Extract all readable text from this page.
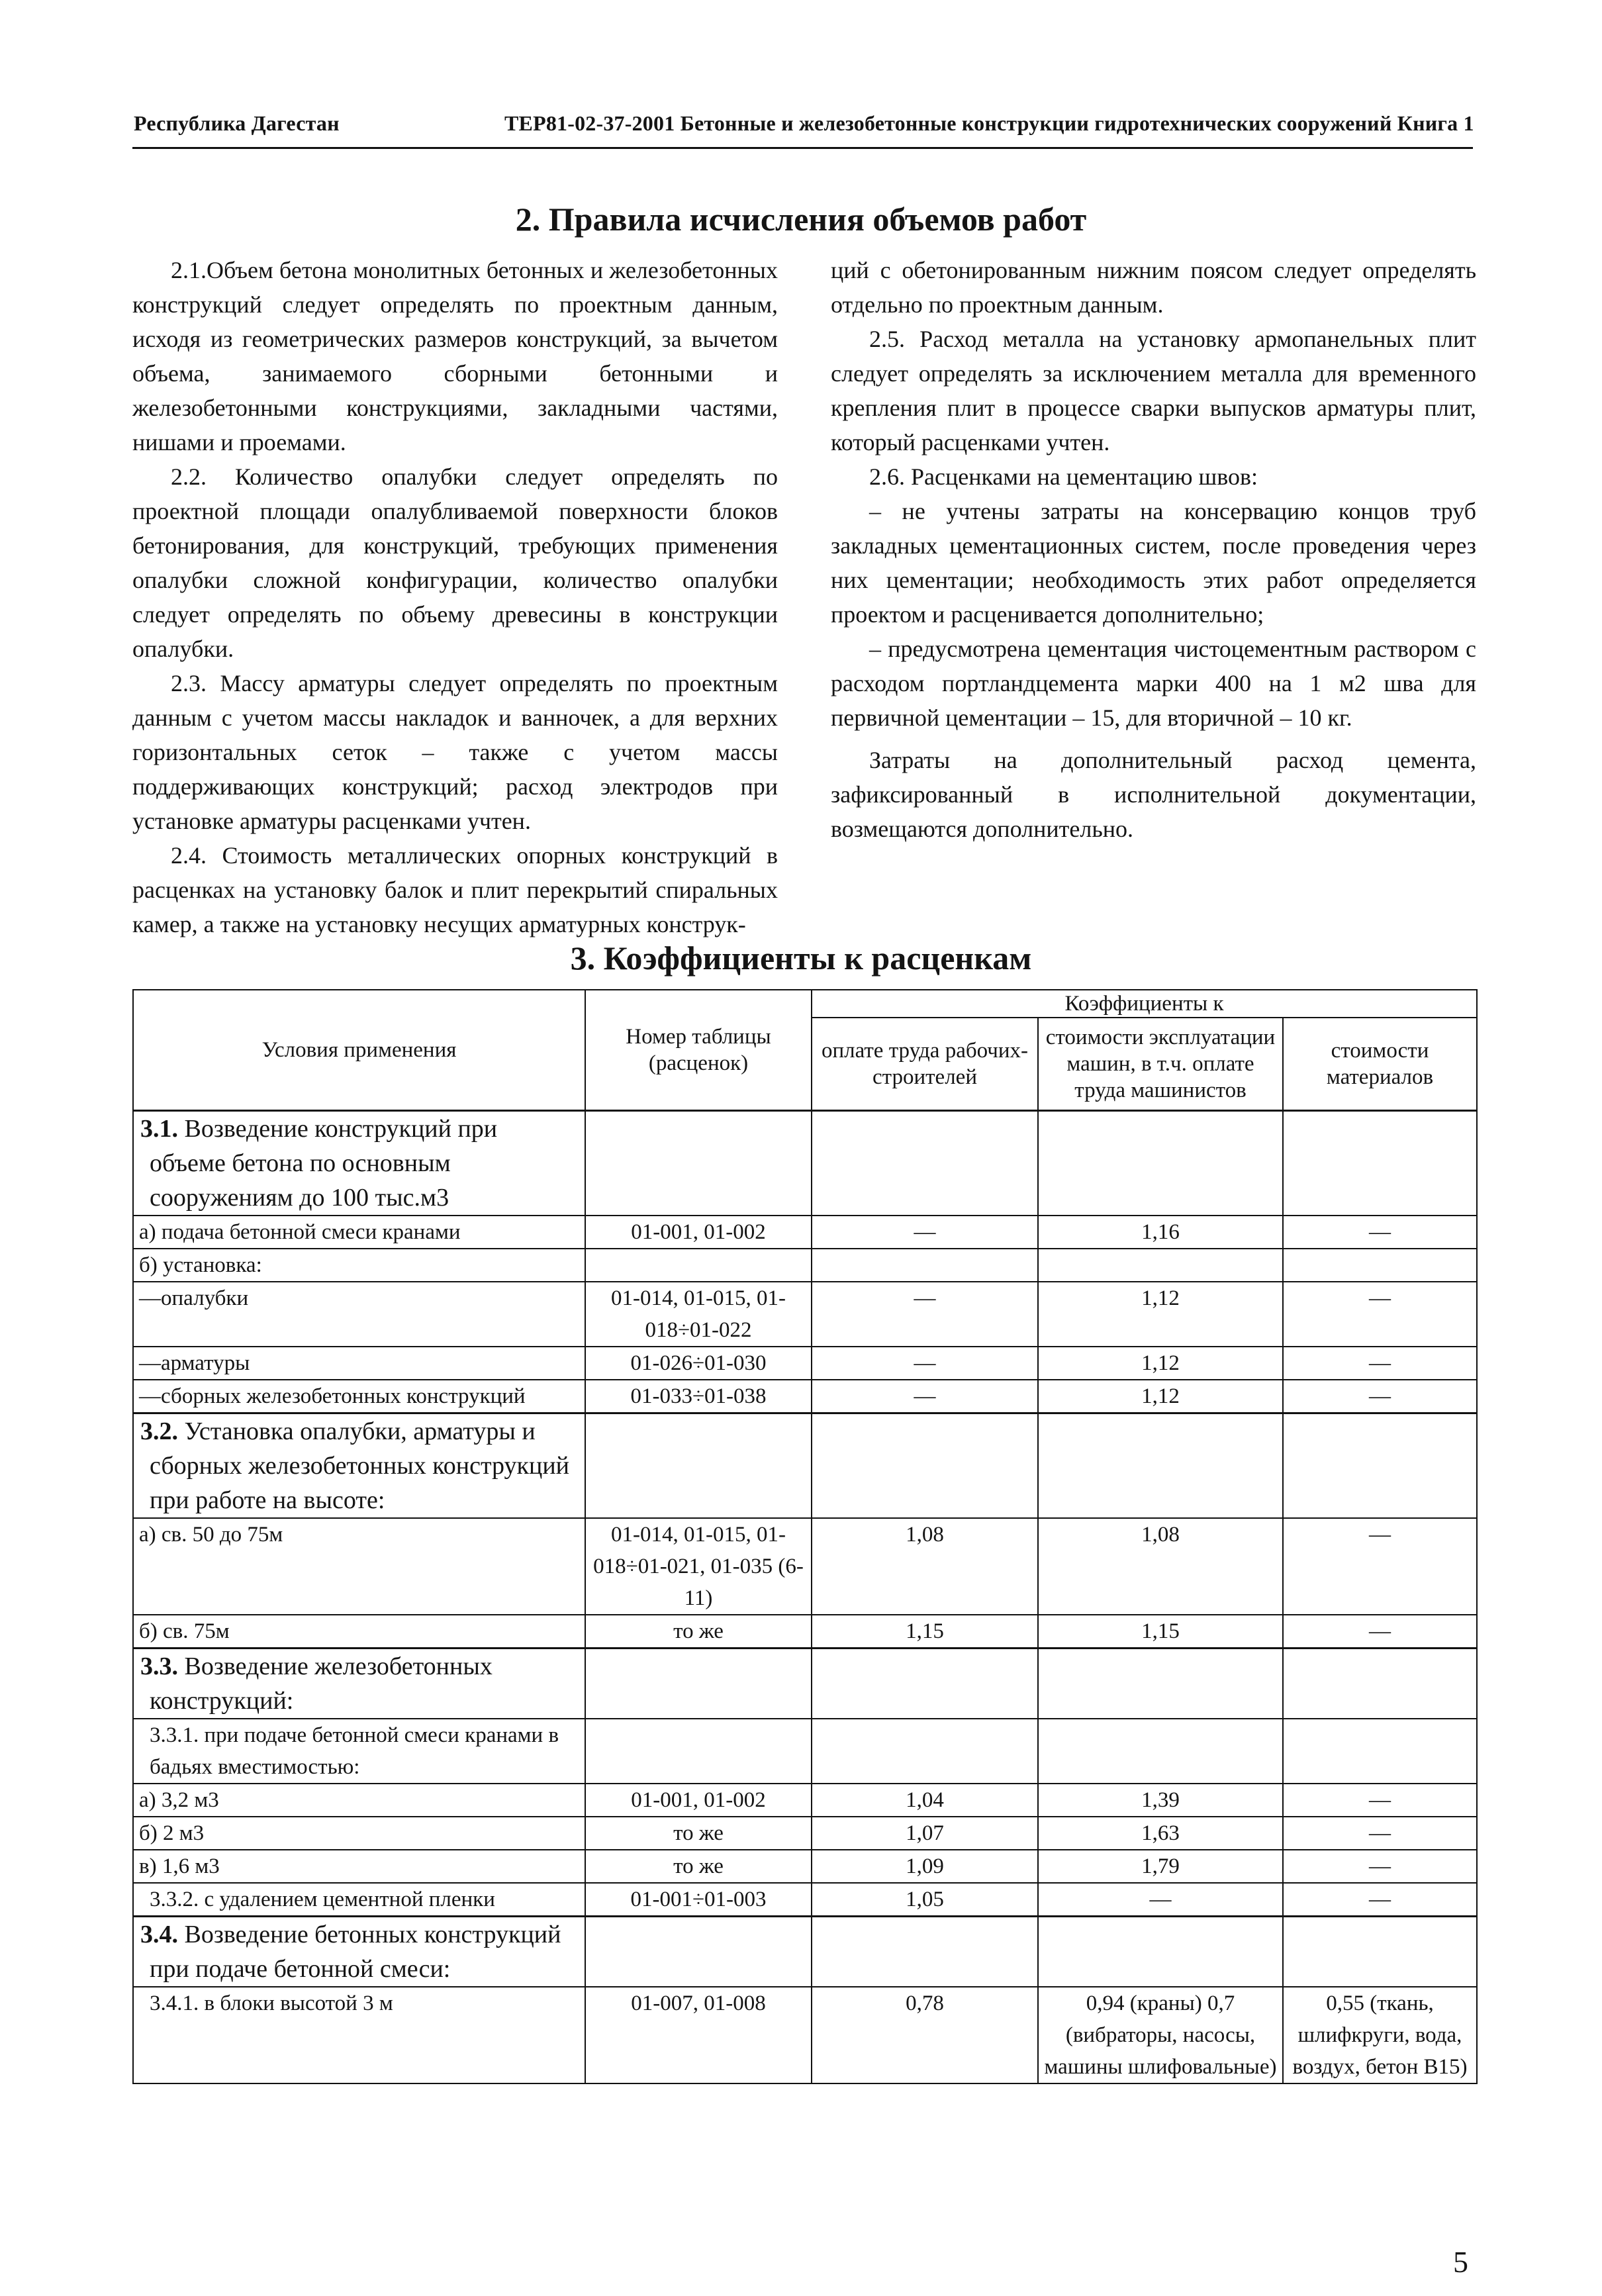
Республика Дагестан	ТЕР81-02-37-2001 Бетонные и железобетонные конструкции гидротехнических сооружений Книга 1
2. Правила исчисления объемов работ

2.1.Объем бетона монолитных бетонных и железобетонных конструкций следует определять по проектным данным, исходя из геометрических размеров конструкций, за вычетом объема, занимаемого сборными бетонными и железобетонными конструкциями, закладными частями, нишами и проемами.

2.2. Количество опалубки следует определять по проектной площади опалубливаемой поверхности блоков бетонирования, для конструкций, требующих применения опалубки сложной конфигурации, количество опалубки следует определять по объему древесины в конструкции опалубки.

2.3. Массу арматуры следует определять по проектным данным с учетом массы накладок и ванночек, а для верхних горизонтальных сеток – также с учетом массы поддерживающих конструкций; расход электродов при установке арматуры расценками учтен.

2.4. Стоимость металлических опорных конструкций в расценках на установку балок и плит перекрытий спиральных камер, а также на установку несущих арматурных конструк-

ций с обетонированным нижним поясом следует определять отдельно по проектным данным.

2.5. Расход металла на установку армопанельных плит следует определять за исключением металла для временного крепления плит в процессе сварки выпусков арматуры плит, который расценками учтен.

2.6. Расценками на цементацию швов:

– не учтены затраты на консервацию концов труб закладных цементационных систем, после проведения через них цементации; необходимость этих работ определяется проектом и расценивается дополнительно;

– предусмотрена цементация чистоцементным раствором с расходом портландцемента марки 400 на 1 м2 шва для первичной цементации – 15, для вторичной – 10 кг.

Затраты на дополнительный расход цемента, зафиксированный в исполнительной документации, возмещаются дополнительно.

3. Коэффициенты к расценкам
Условия применения	Номер таблицы (расценок)	Коэффициенты к		
		оплате труда рабочих-строителей	стоимости эксплуатации машин, в т.ч. оплате труда машинистов	стоимости материалов
3.1. Возведение конструкций при объеме бетона по основным сооружениям до 100 тыс.м3				
а) подача бетонной смеси кранами	01-001, 01-002	—	1,16	—
б) установка:				
—опалубки	01-014, 01-015, 01-018÷01-022	—	1,12	—
—арматуры	01-026÷01-030	—	1,12	—
—сборных железобетонных конструкций	01-033÷01-038	—	1,12	—
3.2. Установка опалубки, арматуры и сборных железобетонных конструкций при работе на высоте:				
а) св. 50 до 75м	01-014, 01-015, 01-018÷01-021, 01-035 (6-11)	1,08	1,08	—
б) св. 75м	то же	1,15	1,15	—
3.3. Возведение железобетонных конструкций:				
3.3.1. при подаче бетонной смеси кранами в бадьях вместимостью:				
а) 3,2 м3	01-001, 01-002	1,04	1,39	—
б) 2 м3	то же	1,07	1,63	—
в) 1,6 м3	то же	1,09	1,79	—
3.3.2. с удалением цементной пленки	01-001÷01-003	1,05	—	—
3.4. Возведение бетонных конструкций при подаче бетонной смеси:				
3.4.1. в блоки высотой 3 м	01-007, 01-008	0,78	0,94 (краны) 0,7 (вибраторы, насосы, машины шлифовальные)	0,55 (ткань, шлифкруги, вода, воздух, бетон В15)
5
